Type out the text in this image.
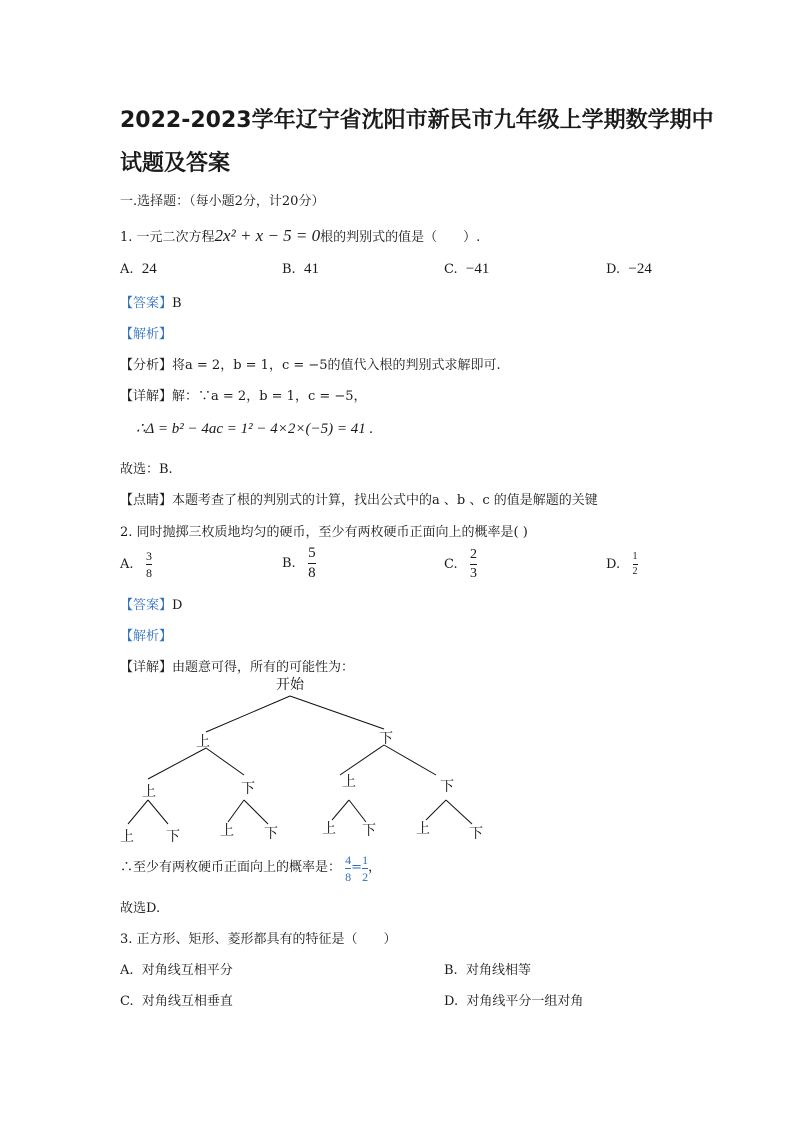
2022-2023学年辽宁省沈阳市新民市九年级上学期数学期中
试题及答案
一.选择题：（每小题2分，计20分）
1. 一元二次方程2x² + x − 5 = 0根的判别式的值是（　　）.
A. 24	B. 41	C. −41	D. −24
【答案】B
【解析】
【分析】将a = 2，b = 1，c = −5的值代入根的判别式求解即可.
【详解】解：∵a = 2，b = 1，c = −5，
∴Δ = b² − 4ac = 1² − 4×2×(−5) = 41 .
故选：B.
【点睛】本题考查了根的判别式的计算，找出公式中的a 、b 、c 的值是解题的关键
2. 同时抛掷三枚质地均匀的硬币，至少有两枚硬币正面向上的概率是( )
A. $\frac{3}{8}$	B. $\frac{5}{8}$	C. $\frac{2}{3}$	D. $\frac{1}{2}$
【答案】D
【解析】
【详解】由题意可得，所有的可能性为：
开始
上	下
上	下	上	下
上 下	上 下	上 下	上	下
∴至少有两枚硬币正面向上的概率是： $\frac{4}{8} = \frac{1}{2}$ ，
故选D.
3. 正方形、矩形、菱形都具有的特征是（　　）
A. 对角线互相平分	B. 对角线相等
C. 对角线互相垂直	D. 对角线平分一组对角
